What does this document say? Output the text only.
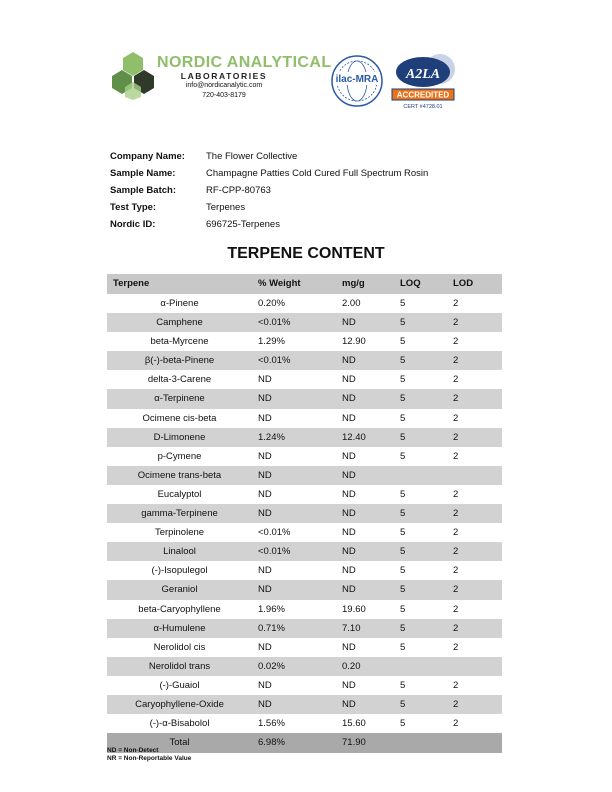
NORDIC ANALYTICAL
LABORATORIES
info@nordicanalytic.com
720-403-8179
ilac-MRA A2LA
ACCREDITED
CERT #4728.01
Company Name: The Flower Collective
Sample Name:	Champagne Patties Cold Cured Full Spectrum Rosin
Sample Batch:	RF-CPP-80763
Test Type:	Terpenes
Nordic ID:	696725-Terpenes
TERPENE CONTENT
Terpene	% Weight	mg/g	LOQ	LOD
α-Pinene	0.20%	2.00	5	2
Camphene	<0.01%	ND	5	2
beta-Myrcene	1.29%	12.90	5	2
β(-)-beta-Pinene	<0.01%	ND	5	2
delta-3-Carene	ND	ND	5	2
α-Terpinene	ND	ND	5	2
Ocimene cis-beta	ND	ND	5	2
D-Limonene	1.24%	12.40	5	2
p-Cymene	ND	ND	5	2
Ocimene trans-beta	ND	ND
Eucalyptol	ND	ND	5	2
gamma-Terpinene	ND	ND	5	2
Terpinolene	<0.01%	ND	5	2
Linalool	<0.01%	ND	5	2
(-)-Isopulegol	ND	ND	5	2
Geraniol	ND	ND	5	2
beta-Caryophyllene	1.96%	19.60	5	2
α-Humulene	0.71%	7.10	5	2
Nerolidol cis	ND	ND	5	2
Nerolidol trans	0.02%	0.20
(-)-Guaiol	ND	ND	5	2
Caryophyllene-Oxide	ND	ND	5	2
(-)-α-Bisabolol	1.56%	15.60	5	2
Total	6.98%	71.90
ND = Non-Detect
NR = Non-Reportable Value
